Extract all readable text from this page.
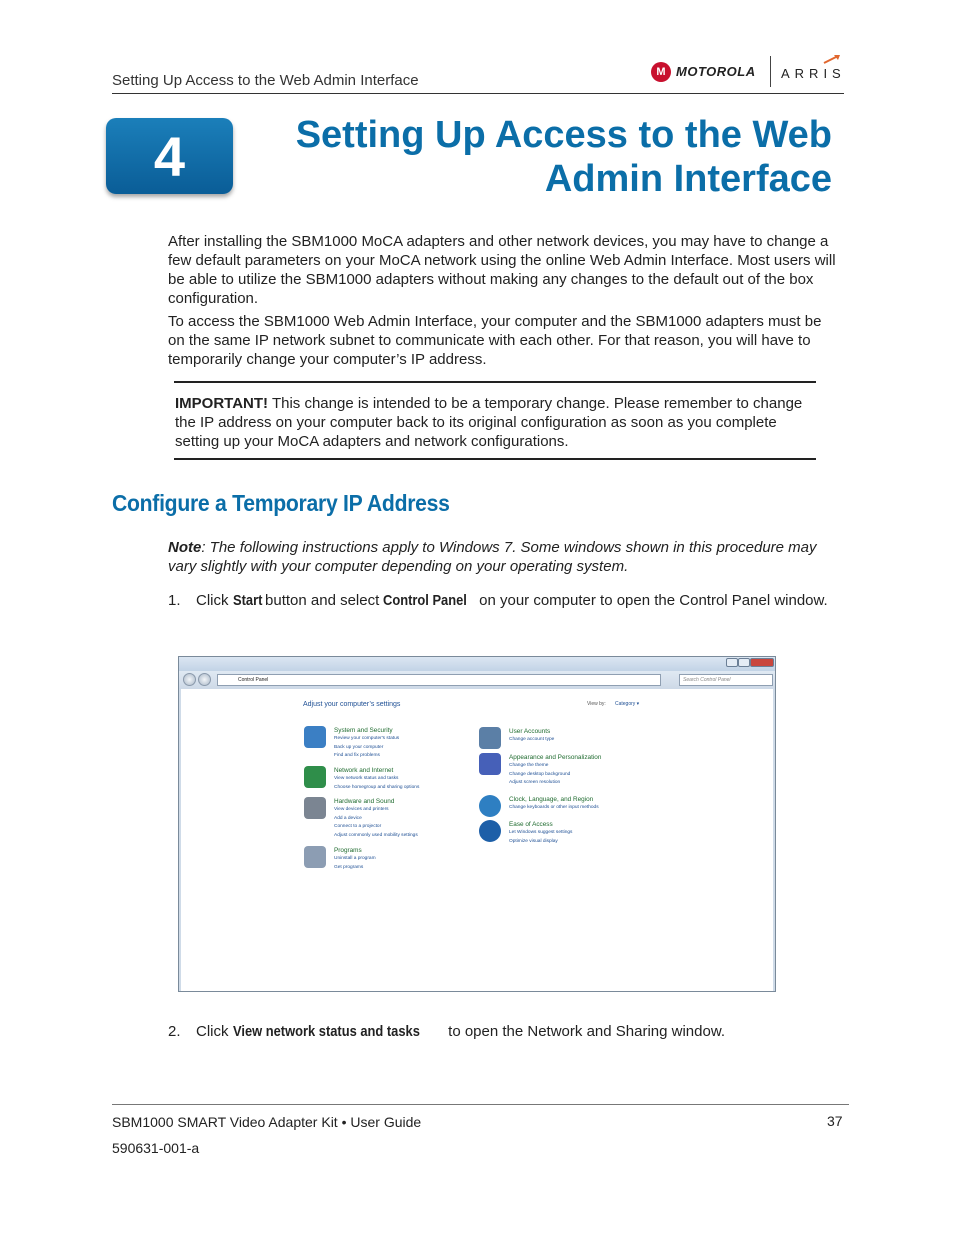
Setting Up Access to the Web Admin Interface	M MOTOROLA ARRIS
4	Setting Up Access to the Web
Admin Interface

After installing the SBM1000 MoCA adapters and other network devices, you may have to change a few default parameters on your MoCA network using the online Web Admin Interface. Most users will be able to utilize the SBM1000 adapters without making any changes to the default out of the box configuration.

To access the SBM1000 Web Admin Interface, your computer and the SBM1000 adapters must be on the same IP network subnet to communicate with each other. For that reason, you will have to temporarily change your computer’s IP address.

IMPORTANT! This change is intended to be a temporary change. Please remember to change the IP address on your computer back to its original configuration as soon as you complete setting up your MoCA adapters and network configurations.

Configure a Temporary IP Address

Note: The following instructions apply to Windows 7. Some windows shown in this procedure may vary slightly with your computer depending on your operating system.

1. Click Start button and select Control Panel on your computer to open the Control Panel window.

Control Panel	Search Control Panel
Adjust your computer’s settings	View by: Category ▾
System and Security
Review your computer's status
Back up your computer
Find and fix problems
Network and Internet
View network status and tasks
Choose homegroup and sharing options
Hardware and Sound
View devices and printers
Add a device
Connect to a projector
Adjust commonly used mobility settings
Programs
Uninstall a program
Get programs
User Accounts
Change account type
Appearance and Personalization
Change the theme
Change desktop background
Adjust screen resolution
Clock, Language, and Region
Change keyboards or other input methods
Ease of Access
Let Windows suggest settings
Optimize visual display

2. Click View network status and tasks to open the Network and Sharing window.

SBM1000 SMART Video Adapter Kit • User Guide
590631-001-a
37
